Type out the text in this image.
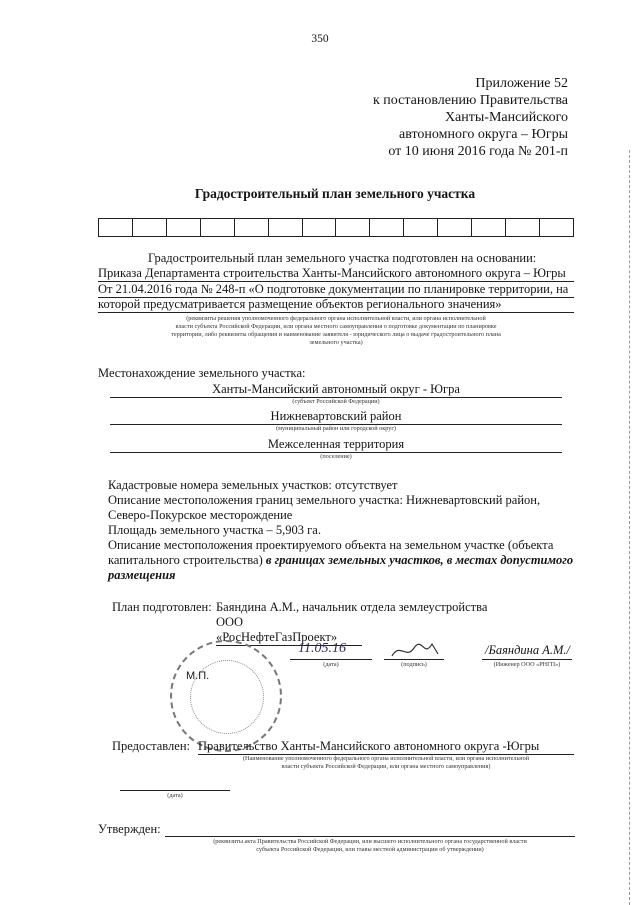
350
Приложение 52
к постановлению Правительства
Ханты-Мансийского
автономного округа – Югры
от 10 июня 2016 года № 201-п
Градостроительный план земельного участка
Градостроительный план земельного участка подготовлен на основании:
Приказа Департамента строительства Ханты-Мансийского автономного округа – Югры
От 21.04.2016 года № 248-п «О подготовке документации по планировке территории, на
которой предусматривается размещение объектов регионального значения»
(реквизиты решения уполномоченного федерального органа исполнительной власти, или органа исполнительной
власти субъекта Российской Федерации, или органа местного самоуправления о подготовке документации по планировке
территории, либо реквизиты обращения и наименование заявителя - юридического лица о выдаче градостроительного плана
земельного участка)
Местонахождение земельного участка:
Ханты-Мансийский автономный округ - Югра
(субъект Российской Федерации)
Нижневартовский район
(муниципальный район или городской округ)
Межселенная территория
(поселение)
Кадастровые номера земельных участков: отсутствует
Описание местоположения границ земельного участка: Нижневартовский район,
Северо-Покурское месторождение
Площадь земельного участка – 5,903 га.
Описание местоположения проектируемого объекта на земельном участке (объекта
капитального строительства) в границах земельных участков, в местах допустимого
размещения
План подготовлен: Баяндина А.М., начальник отдела землеустройства
ООО «РосНефтеГазПроект»
М.П.
11.05.16
(дата)	(подпись)
/Баяндина А.М./
(Инженер ООО «РНГП»)
Предоставлен: Правительство Ханты-Мансийского автономного округа -Югры
(Наименование уполномоченного федерального органа исполнительной власти, или органа исполнительной
власти субъекта Российской Федерации, или органа местного самоуправления)
(дата)
Утвержден:
(реквизиты акта Правительства Российской Федерации, или высшего исполнительного органа государственной власти
субъекта Российской Федерации, или главы местной администрации об утверждении)
